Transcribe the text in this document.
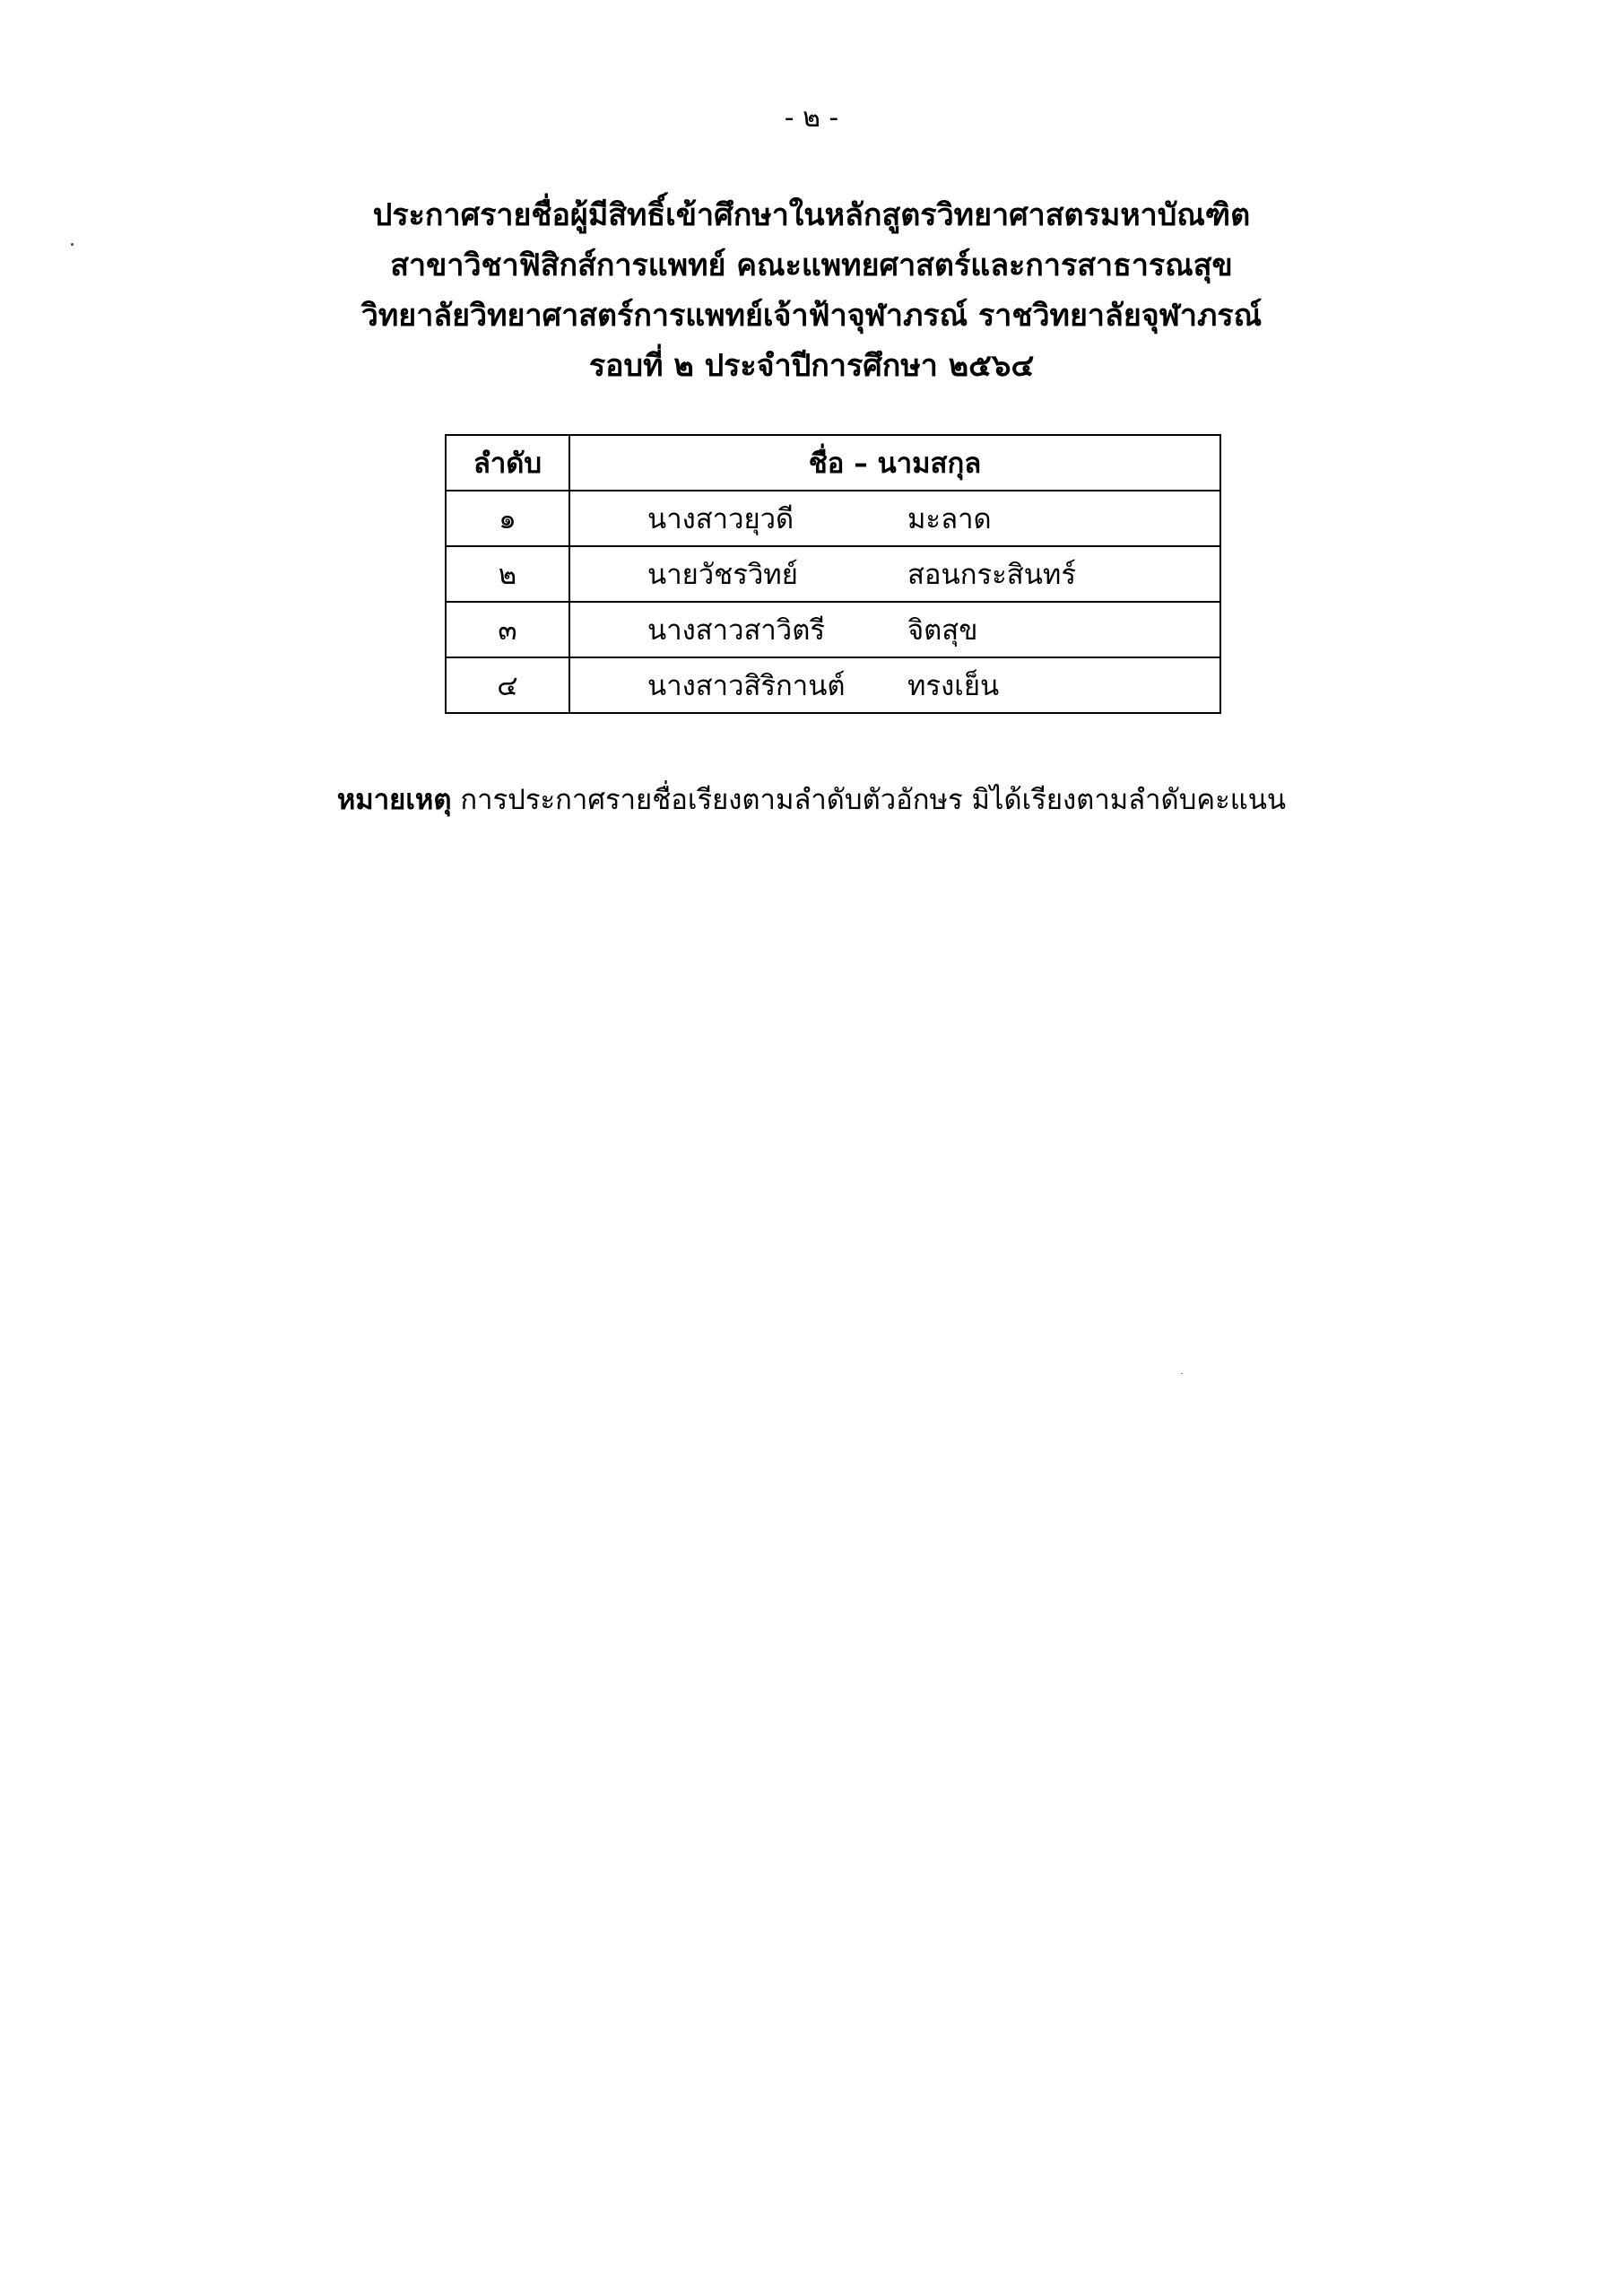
- ๒ -
ประกาศรายชื่อผู้มีสิทธิ์เข้าศึกษาในหลักสูตรวิทยาศาสตรมหาบัณฑิต
สาขาวิชาฟิสิกส์การแพทย์ คณะแพทยศาสตร์และการสาธารณสุข
วิทยาลัยวิทยาศาสตร์การแพทย์เจ้าฟ้าจุฬาภรณ์ ราชวิทยาลัยจุฬาภรณ์
รอบที่ ๒ ประจำปีการศึกษา ๒๕๖๔
ลำดับ	ชื่อ – นามสกุล
๑	นางสาวยุวดี มะลาด
๒	นายวัชรวิทย์ สอนกระสินทร์
๓	นางสาวสาวิตรี จิตสุข
๔	นางสาวสิริกานต์ ทรงเย็น
หมายเหตุ การประกาศรายชื่อเรียงตามลำดับตัวอักษร มิได้เรียงตามลำดับคะแนน
